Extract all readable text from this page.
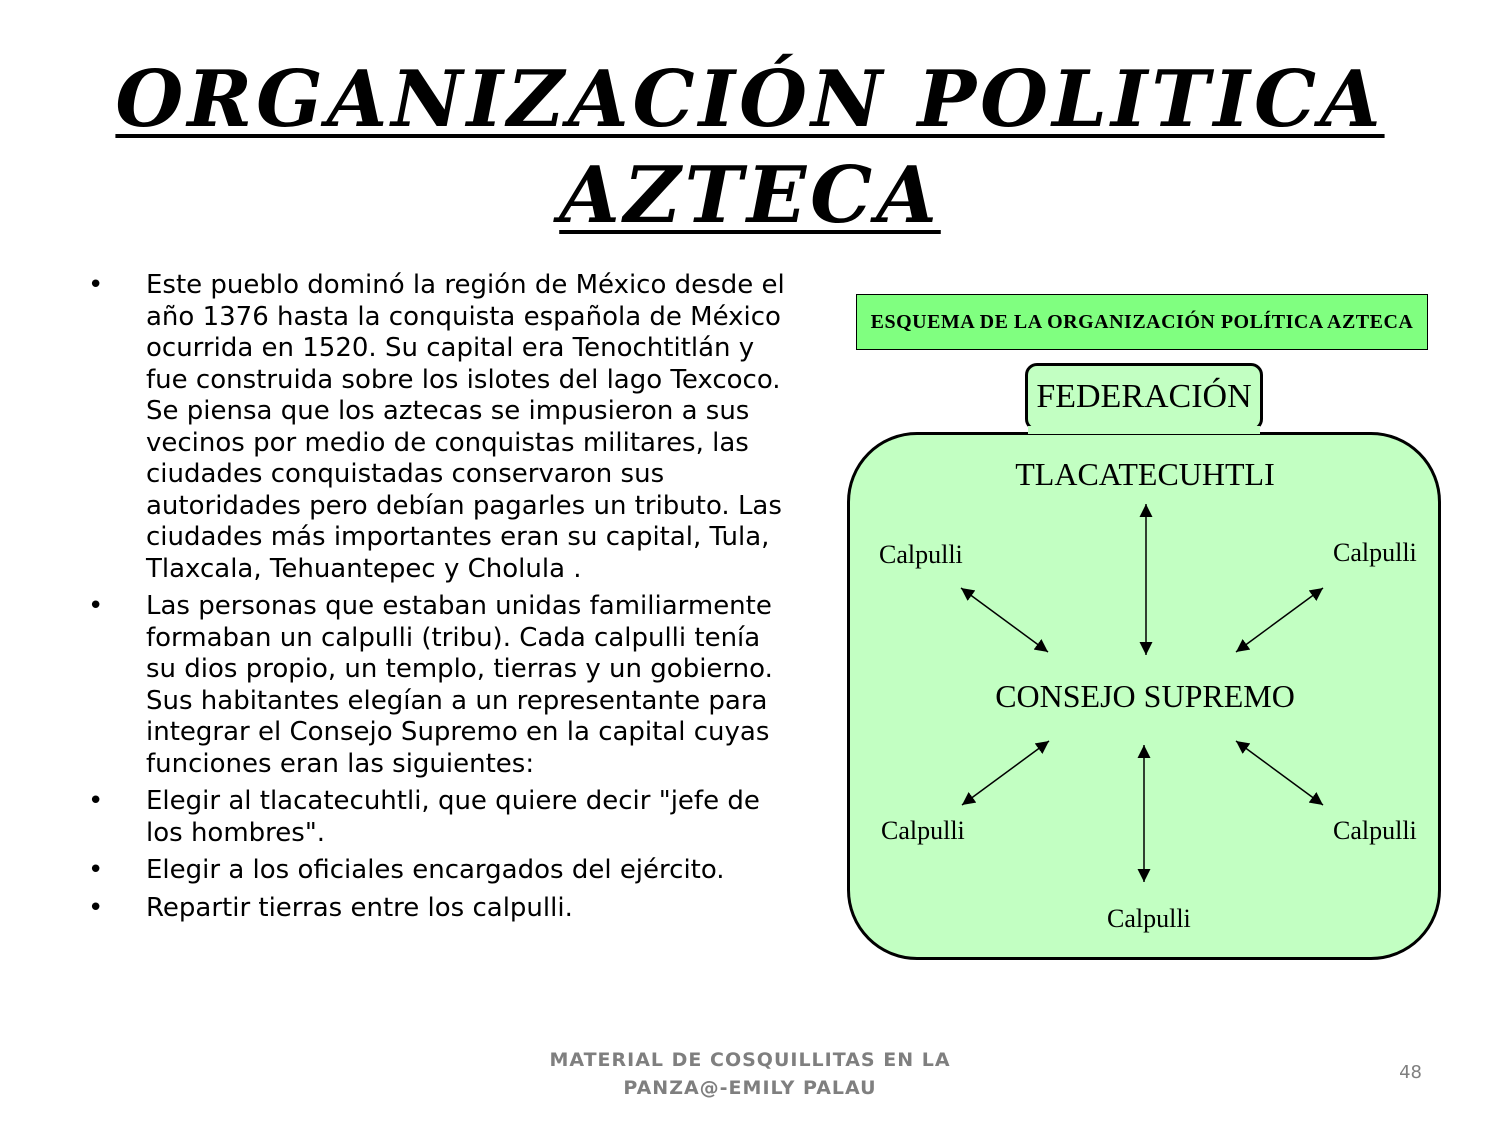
ORGANIZACIÓN POLITICA
AZTECA
• Este pueblo dominó la región de México desde el año 1376 hasta la conquista española de México ocurrida en 1520. Su capital era Tenochtitlán y fue construida sobre los islotes del lago Texcoco. Se piensa que los aztecas se impusieron a sus vecinos por medio de conquistas militares, las ciudades conquistadas conservaron sus autoridades pero debían pagarles un tributo. Las ciudades más importantes eran su capital, Tula, Tlaxcala, Tehuantepec y Cholula .
• Las personas que estaban unidas familiarmente formaban un calpulli (tribu). Cada calpulli tenía su dios propio, un templo, tierras y un gobierno. Sus habitantes elegían a un representante para integrar el Consejo Supremo en la capital cuyas funciones eran las siguientes:
• Elegir al tlacatecuhtli, que quiere decir "jefe de los hombres".
• Elegir a los oficiales encargados del ejército.
• Repartir tierras entre los calpulli.
ESQUEMA DE LA ORGANIZACIÓN POLÍTICA AZTECA
FEDERACIÓN
TLACATECUHTLI
CONSEJO SUPREMO
Calpulli	Calpulli
Calpulli	Calpulli
Calpulli
MATERIAL DE COSQUILLITAS EN LA
PANZA@-EMILY PALAU
48
